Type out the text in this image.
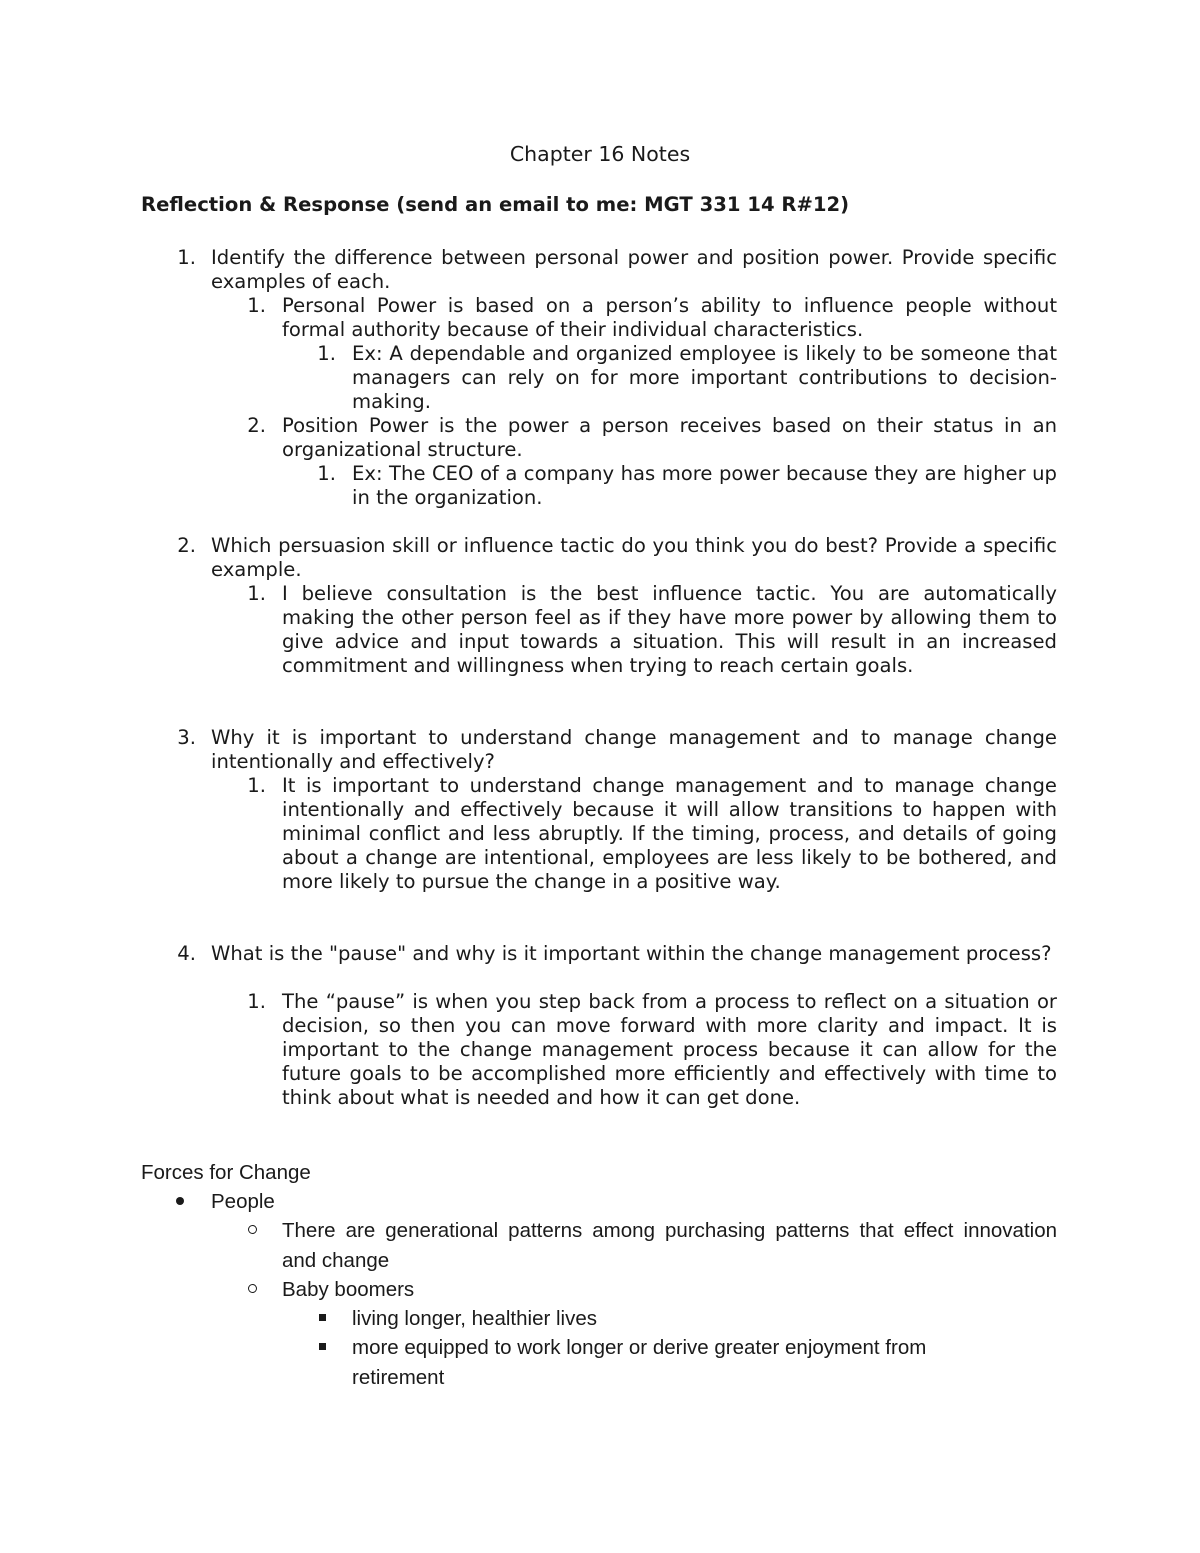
Chapter 16 Notes
Reflection & Response (send an email to me: MGT 331 14 R#12)
1. Identify the difference between personal power and position power. Provide specific examples of each.
1. Personal Power is based on a person’s ability to influence people without formal authority because of their individual characteristics.
1. Ex: A dependable and organized employee is likely to be someone that managers can rely on for more important contributions to decision-making.
2. Position Power is the power a person receives based on their status in an organizational structure.
1. Ex: The CEO of a company has more power because they are higher up in the organization.
2. Which persuasion skill or influence tactic do you think you do best? Provide a specific example.
1. I believe consultation is the best influence tactic. You are automatically making the other person feel as if they have more power by allowing them to give advice and input towards a situation. This will result in an increased commitment and willingness when trying to reach certain goals.
3. Why it is important to understand change management and to manage change intentionally and effectively?
1. It is important to understand change management and to manage change intentionally and effectively because it will allow transitions to happen with minimal conflict and less abruptly. If the timing, process, and details of going about a change are intentional, employees are less likely to be bothered, and more likely to pursue the change in a positive way.
4. What is the "pause" and why is it important within the change management process?
1. The “pause” is when you step back from a process to reflect on a situation or decision, so then you can move forward with more clarity and impact. It is important to the change management process because it can allow for the future goals to be accomplished more efficiently and effectively with time to think about what is needed and how it can get done.
Forces for Change
People
There are generational patterns among purchasing patterns that effect innovation and change
Baby boomers
living longer, healthier lives
more equipped to work longer or derive greater enjoyment from retirement
